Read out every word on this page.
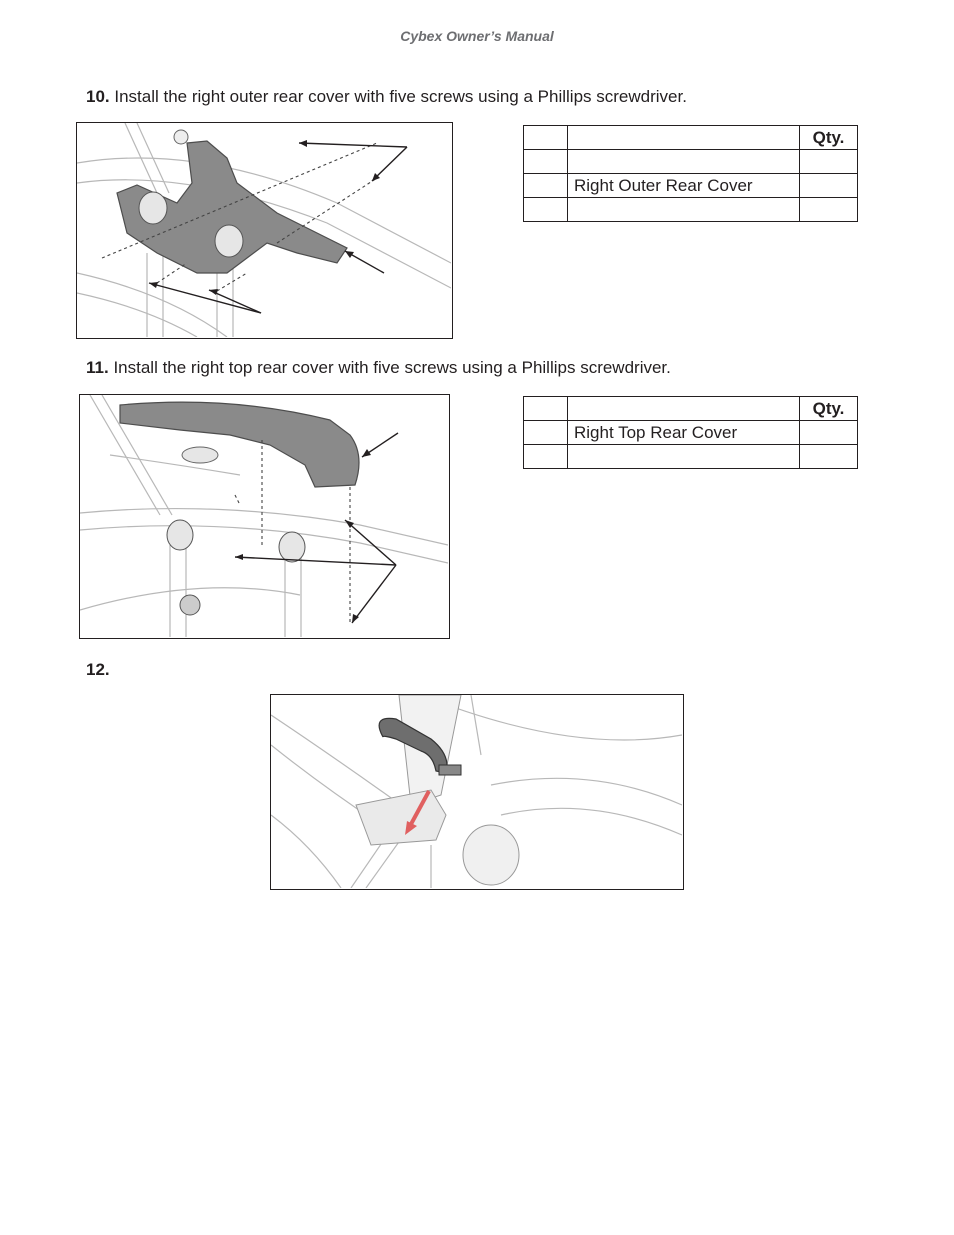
Cybex Owner’s Manual
10. Install the right outer rear cover with five screws using a Phillips screwdriver.
		Qty.

	Right Outer Rear Cover	

11. Install the right top rear cover with five screws using a Phillips screwdriver.
		Qty.
	Right Top Rear Cover	

12.
